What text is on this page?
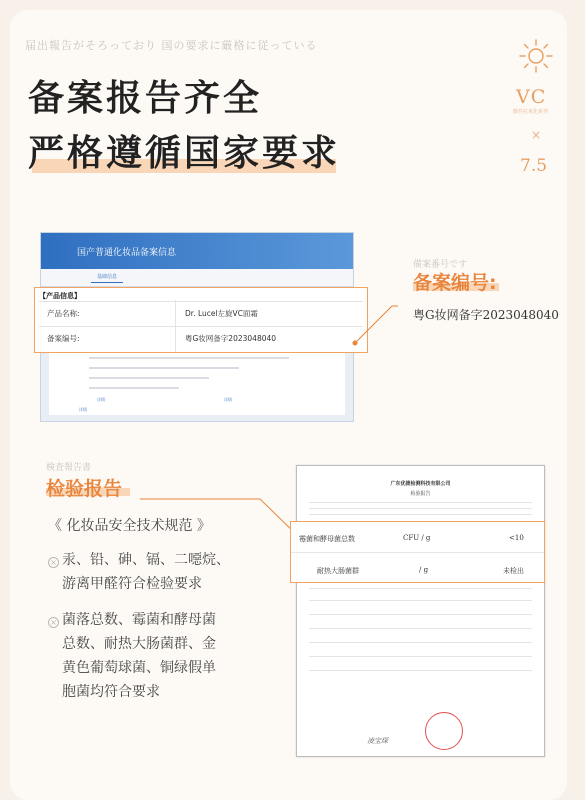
届出報告がそろっており 国の要求に厳格に従っている
备案报告齐全
严格遵循国家要求
VC
酸性抗氧化系列
×
7.5
国产普通化妆品备案信息
基础信息
详情
详情
详情
【产品信息】
产品名称:	Dr. Lucel左旋VC面霜
备案编号:	粤G妆网备字2023048040
備案番号です
备案编号:
粤G妆网备字2023048040
検査報告書
检验报告
《 化妆品安全技术规范 》
× 汞、铅、砷、镉、二噁烷、
游离甲醛符合检验要求
× 菌落总数、霉菌和酵母菌
总数、耐热大肠菌群、金
黄色葡萄球菌、铜绿假单
胞菌均符合要求
广东优捷检测科技有限公司
检验报告
凌宝琛
霉菌和酵母菌总数	CFU / g	<10
耐热大肠菌群	/ g	未检出
